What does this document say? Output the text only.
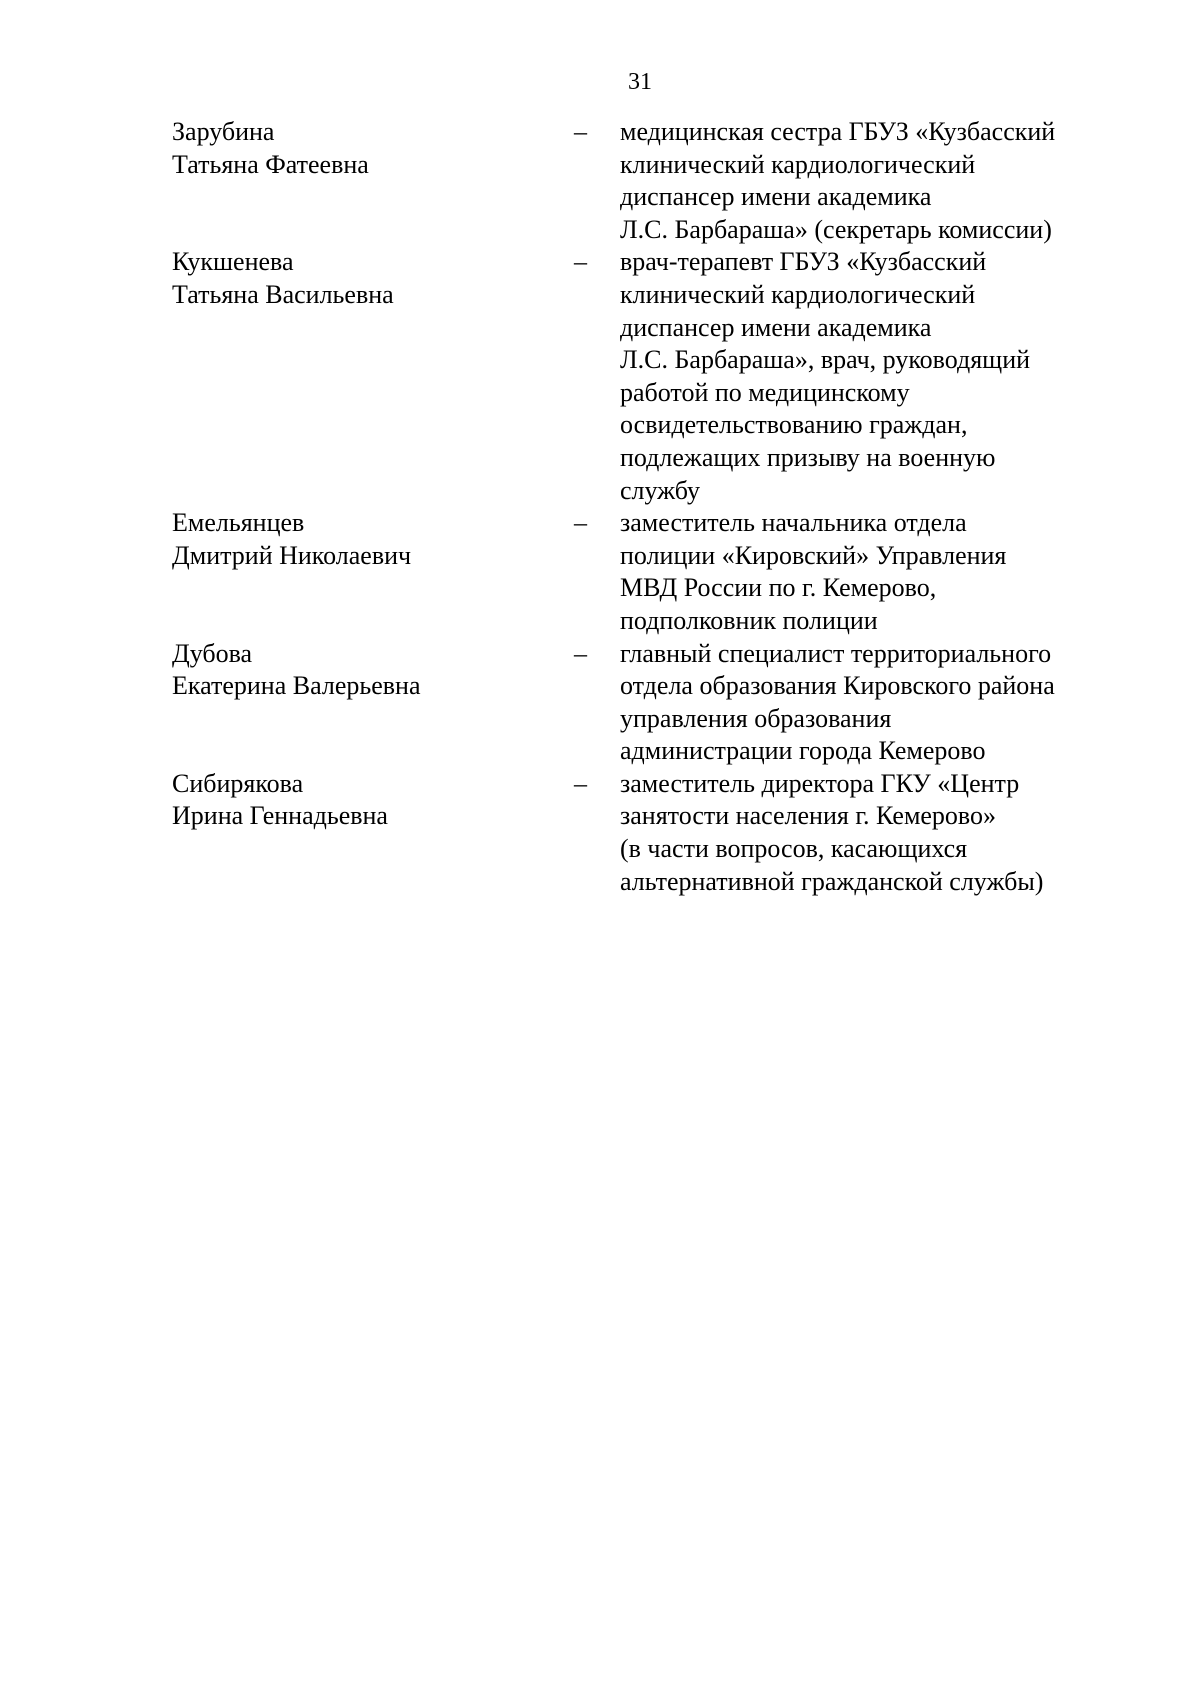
31
Зарубина
Татьяна Фатеевна
–	медицинская сестра ГБУЗ «Кузбасский
клинический кардиологический
диспансер имени академика
Л.С. Барбараша» (секретарь комиссии)
Кукшенева
Татьяна Васильевна
–	врач-терапевт ГБУЗ «Кузбасский
клинический кардиологический
диспансер имени академика
Л.С. Барбараша», врач, руководящий
работой по медицинскому
освидетельствованию граждан,
подлежащих призыву на военную
службу
Емельянцев
Дмитрий Николаевич
–	заместитель начальника отдела
полиции «Кировский» Управления
МВД России по г. Кемерово,
подполковник полиции
Дубова
Екатерина Валерьевна
–	главный специалист территориального
отдела образования Кировского района
управления образования
администрации города Кемерово
Сибирякова
Ирина Геннадьевна
–	заместитель директора ГКУ «Центр
занятости населения г. Кемерово»
(в части вопросов, касающихся
альтернативной гражданской службы)
